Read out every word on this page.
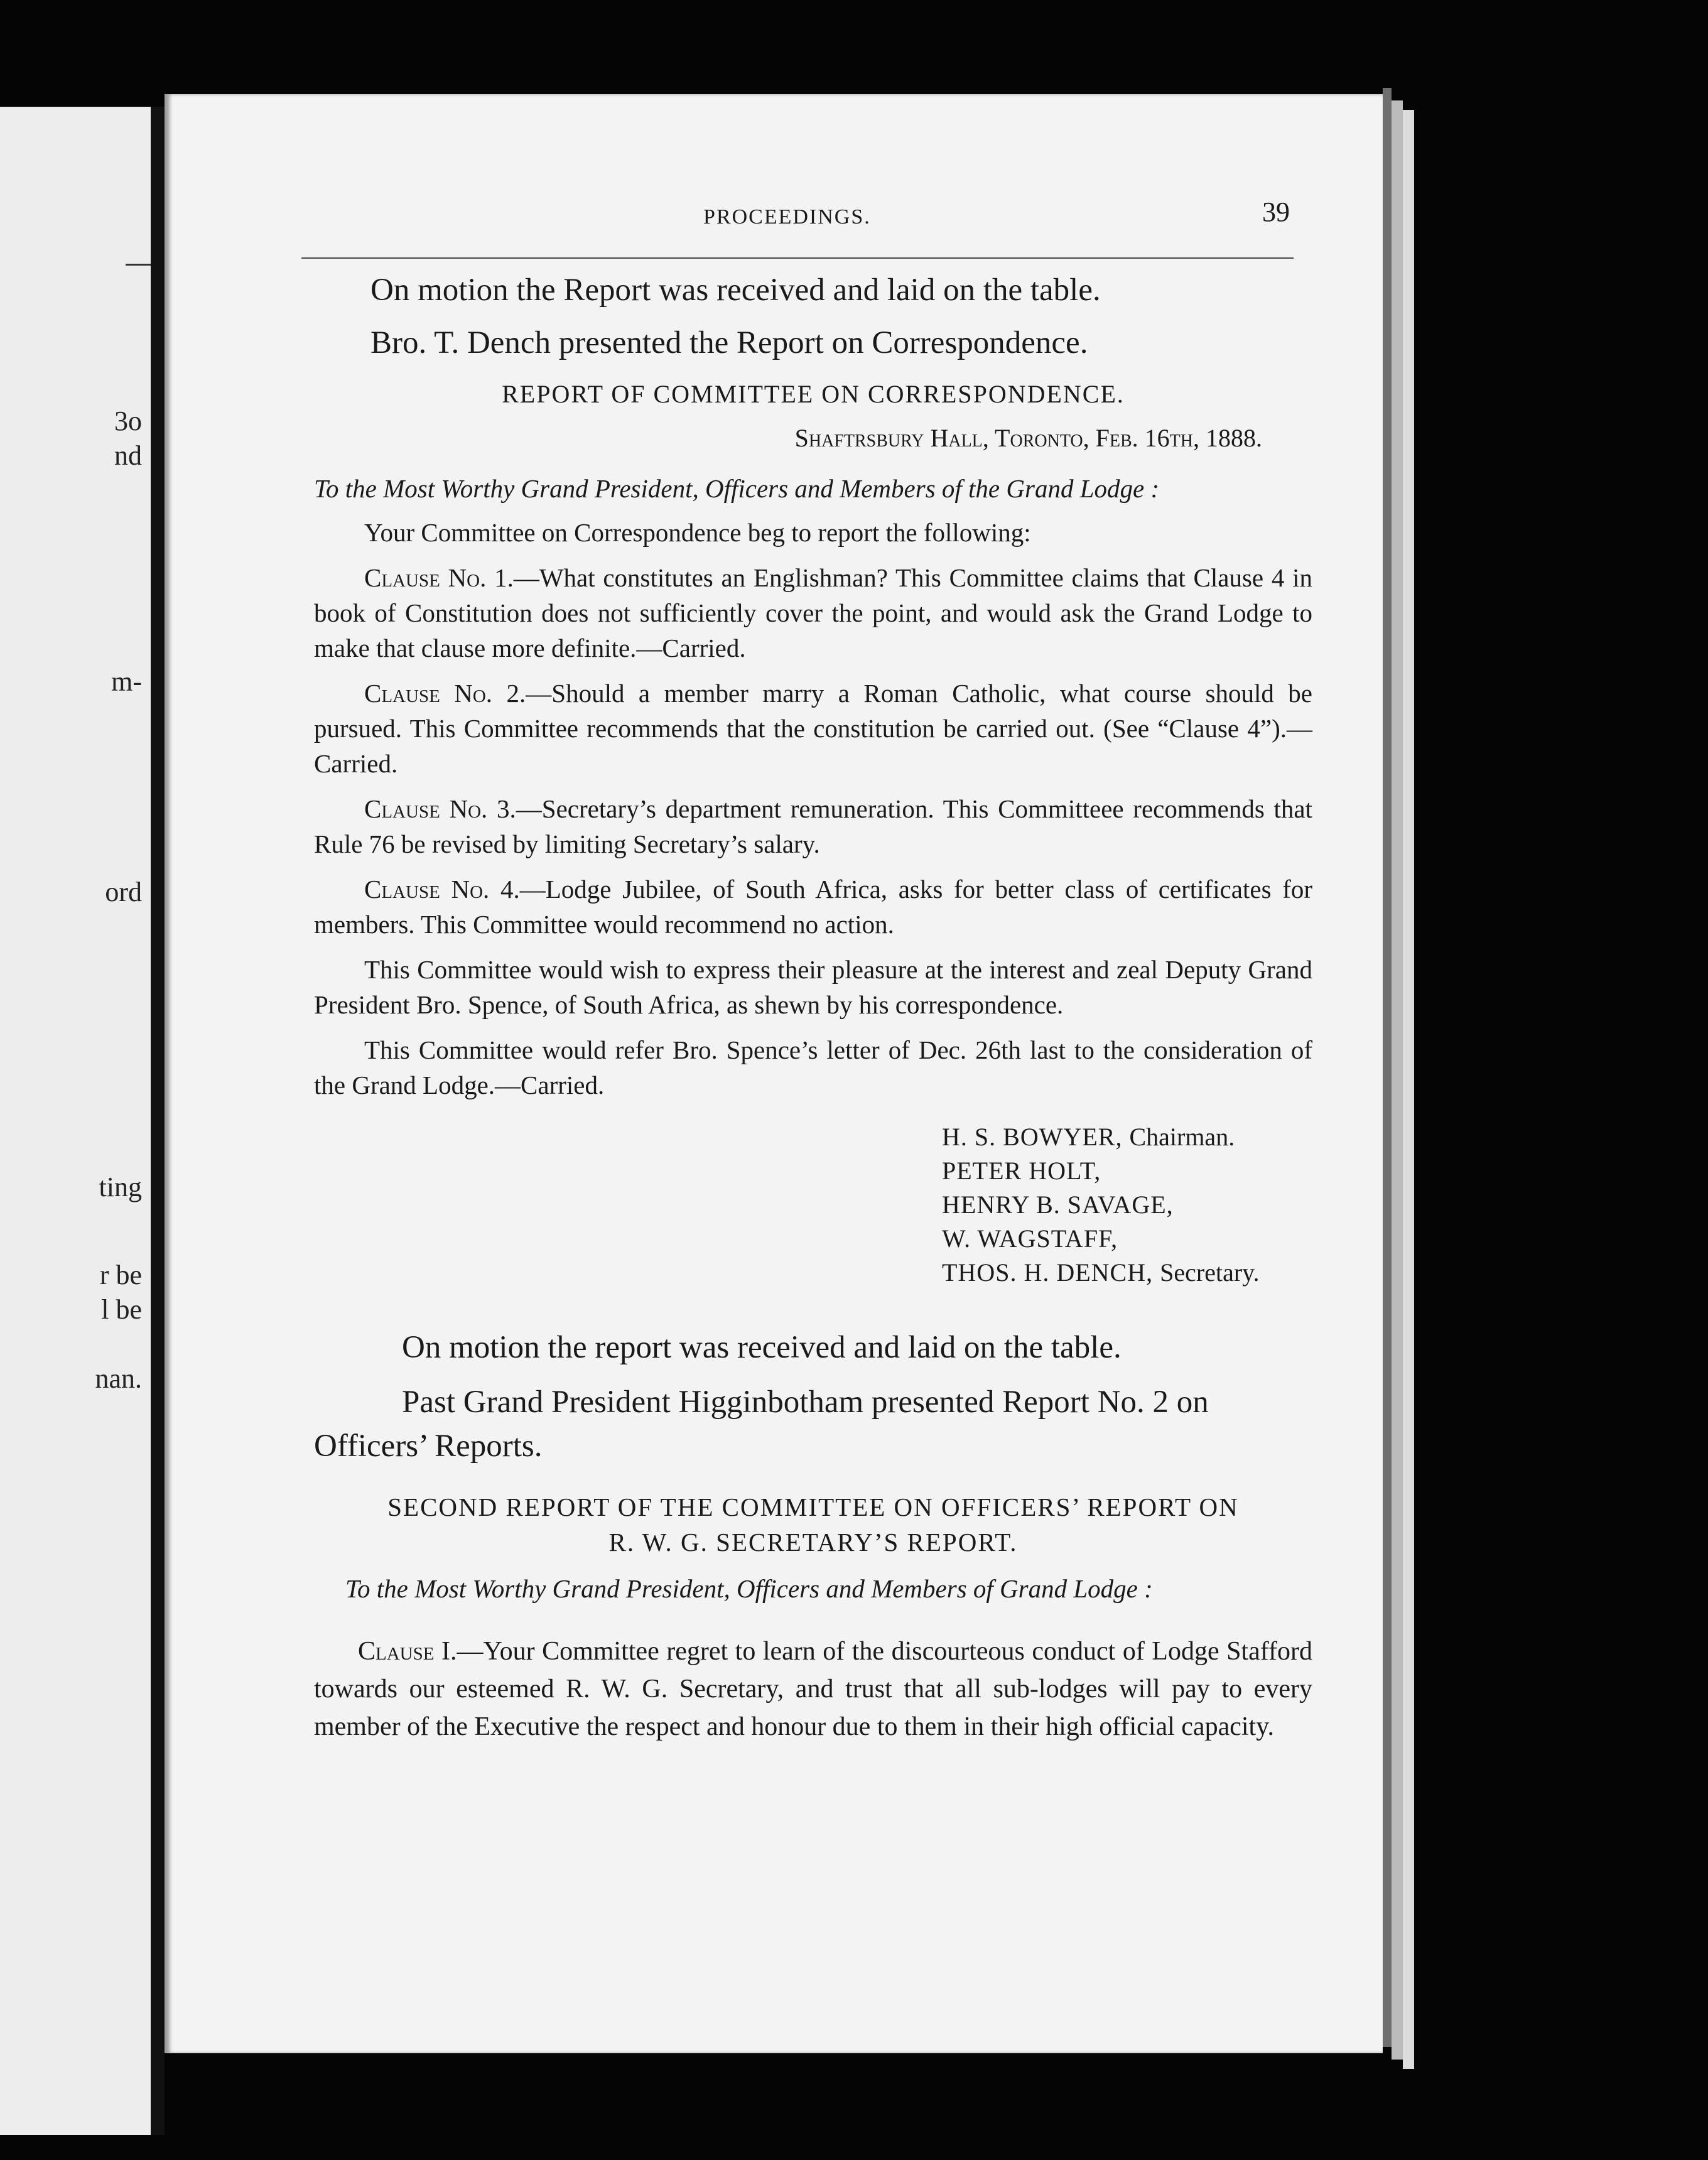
3o
nd
m-
ord
ting
r be
l be
nan.
PROCEEDINGS.	39

On motion the Report was received and laid on the table.

Bro. T. Dench presented the Report on Correspondence.

REPORT OF COMMITTEE ON CORRESPONDENCE.
Shaftrsbury Hall, Toronto, Feb. 16th, 1888.
To the Most Worthy Grand President, Officers and Members of the Grand Lodge :

Your Committee on Correspondence beg to report the following:

Clause No. 1.—What constitutes an Englishman? This Committee claims that Clause 4 in book of Constitution does not sufficiently cover the point, and would ask the Grand Lodge to make that clause more definite.—Carried.

Clause No. 2.—Should a member marry a Roman Catholic, what course should be pursued. This Committee recommends that the constitution be carried out. (See “Clause 4”).—Carried.

Clause No. 3.—Secretary’s department remuneration. This Committeee recommends that Rule 76 be revised by limiting Secretary’s salary.

Clause No. 4.—Lodge Jubilee, of South Africa, asks for better class of certificates for members. This Committee would recommend no action.

This Committee would wish to express their pleasure at the interest and zeal Deputy Grand President Bro. Spence, of South Africa, as shewn by his correspondence.

This Committee would refer Bro. Spence’s letter of Dec. 26th last to the consideration of the Grand Lodge.—Carried.

H. S. BOWYER, Chairman.
PETER HOLT,
HENRY B. SAVAGE,
W. WAGSTAFF,
THOS. H. DENCH, Secretary.

On motion the report was received and laid on the table.

Past Grand President Higginbotham presented Report No. 2 on Officers’ Reports.

SECOND REPORT OF THE COMMITTEE ON OFFICERS’ REPORT ON
R. W. G. SECRETARY’S REPORT.
To the Most Worthy Grand President, Officers and Members of Grand Lodge :

Clause I.—Your Committee regret to learn of the discourteous conduct of Lodge Stafford towards our esteemed R. W. G. Secretary, and trust that all sub-lodges will pay to every member of the Executive the respect and honour due to them in their high official capacity.
